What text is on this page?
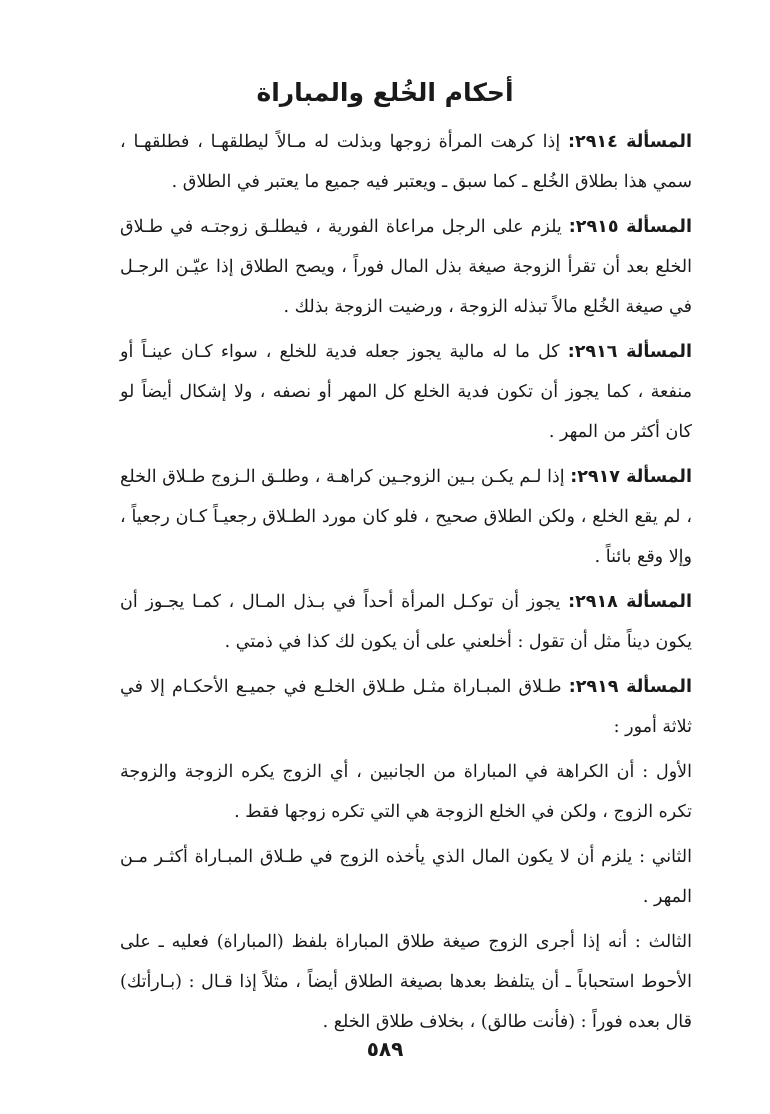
أحكام الخُلع والمباراة

المسألة ٢٩١٤: إذا كرهت المرأة زوجها وبذلت له مـالاً ليطلقهـا ، فطلقهـا ، سمي هذا بطلاق الخُلع ـ كما سبق ـ ويعتبر فيه جميع ما يعتبر في الطلاق .

المسألة ٢٩١٥: يلزم على الرجل مراعاة الفورية ، فيطلـق زوجتـه في طـلاق الخلع بعد أن تقرأ الزوجة صيغة بذل المال فوراً ، ويصح الطلاق إذا عيّـن الرجـل في صيغة الخُلع مالاً تبذله الزوجة ، ورضيت الزوجة بذلك .

المسألة ٢٩١٦: كل ما له مالية يجوز جعله فدية للخلع ، سواء كـان عينـاً أو منفعة ، كما يجوز أن تكون فدية الخلع كل المهر أو نصفه ، ولا إشكال أيضاً لو كان أكثر من المهر .

المسألة ٢٩١٧: إذا لـم يكـن بـين الزوجـين كراهـة ، وطلـق الـزوج طـلاق الخلع ، لم يقع الخلع ، ولكن الطلاق صحيح ، فلو كان مورد الطـلاق رجعيـاً كـان رجعياً ، وإلا وقع بائناً .

المسألة ٢٩١٨: يجوز أن توكـل المرأة أحداً في بـذل المـال ، كمـا يجـوز أن يكون ديناً مثل أن تقول : أخلعني على أن يكون لك كذا في ذمتي .

المسألة ٢٩١٩: طـلاق المبـاراة مثـل طـلاق الخلـع في جميـع الأحكـام إلا في ثلاثة أمور :

الأول : أن الكراهة في المباراة من الجانبين ، أي الزوج يكره الزوجة والزوجة تكره الزوج ، ولكن في الخلع الزوجة هي التي تكره زوجها فقط .

الثاني : يلزم أن لا يكون المال الذي يأخذه الزوج في طـلاق المبـاراة أكثـر مـن المهر .

الثالث : أنه إذا أجرى الزوج صيغة طلاق المباراة بلفظ (المباراة) فعليه ـ على الأحوط استحباباً ـ أن يتلفظ بعدها بصيغة الطلاق أيضاً ، مثلاً إذا قـال : (بـارأتك) قال بعده فوراً : (فأنت طالق) ، بخلاف طلاق الخلع .

٥٨٩
